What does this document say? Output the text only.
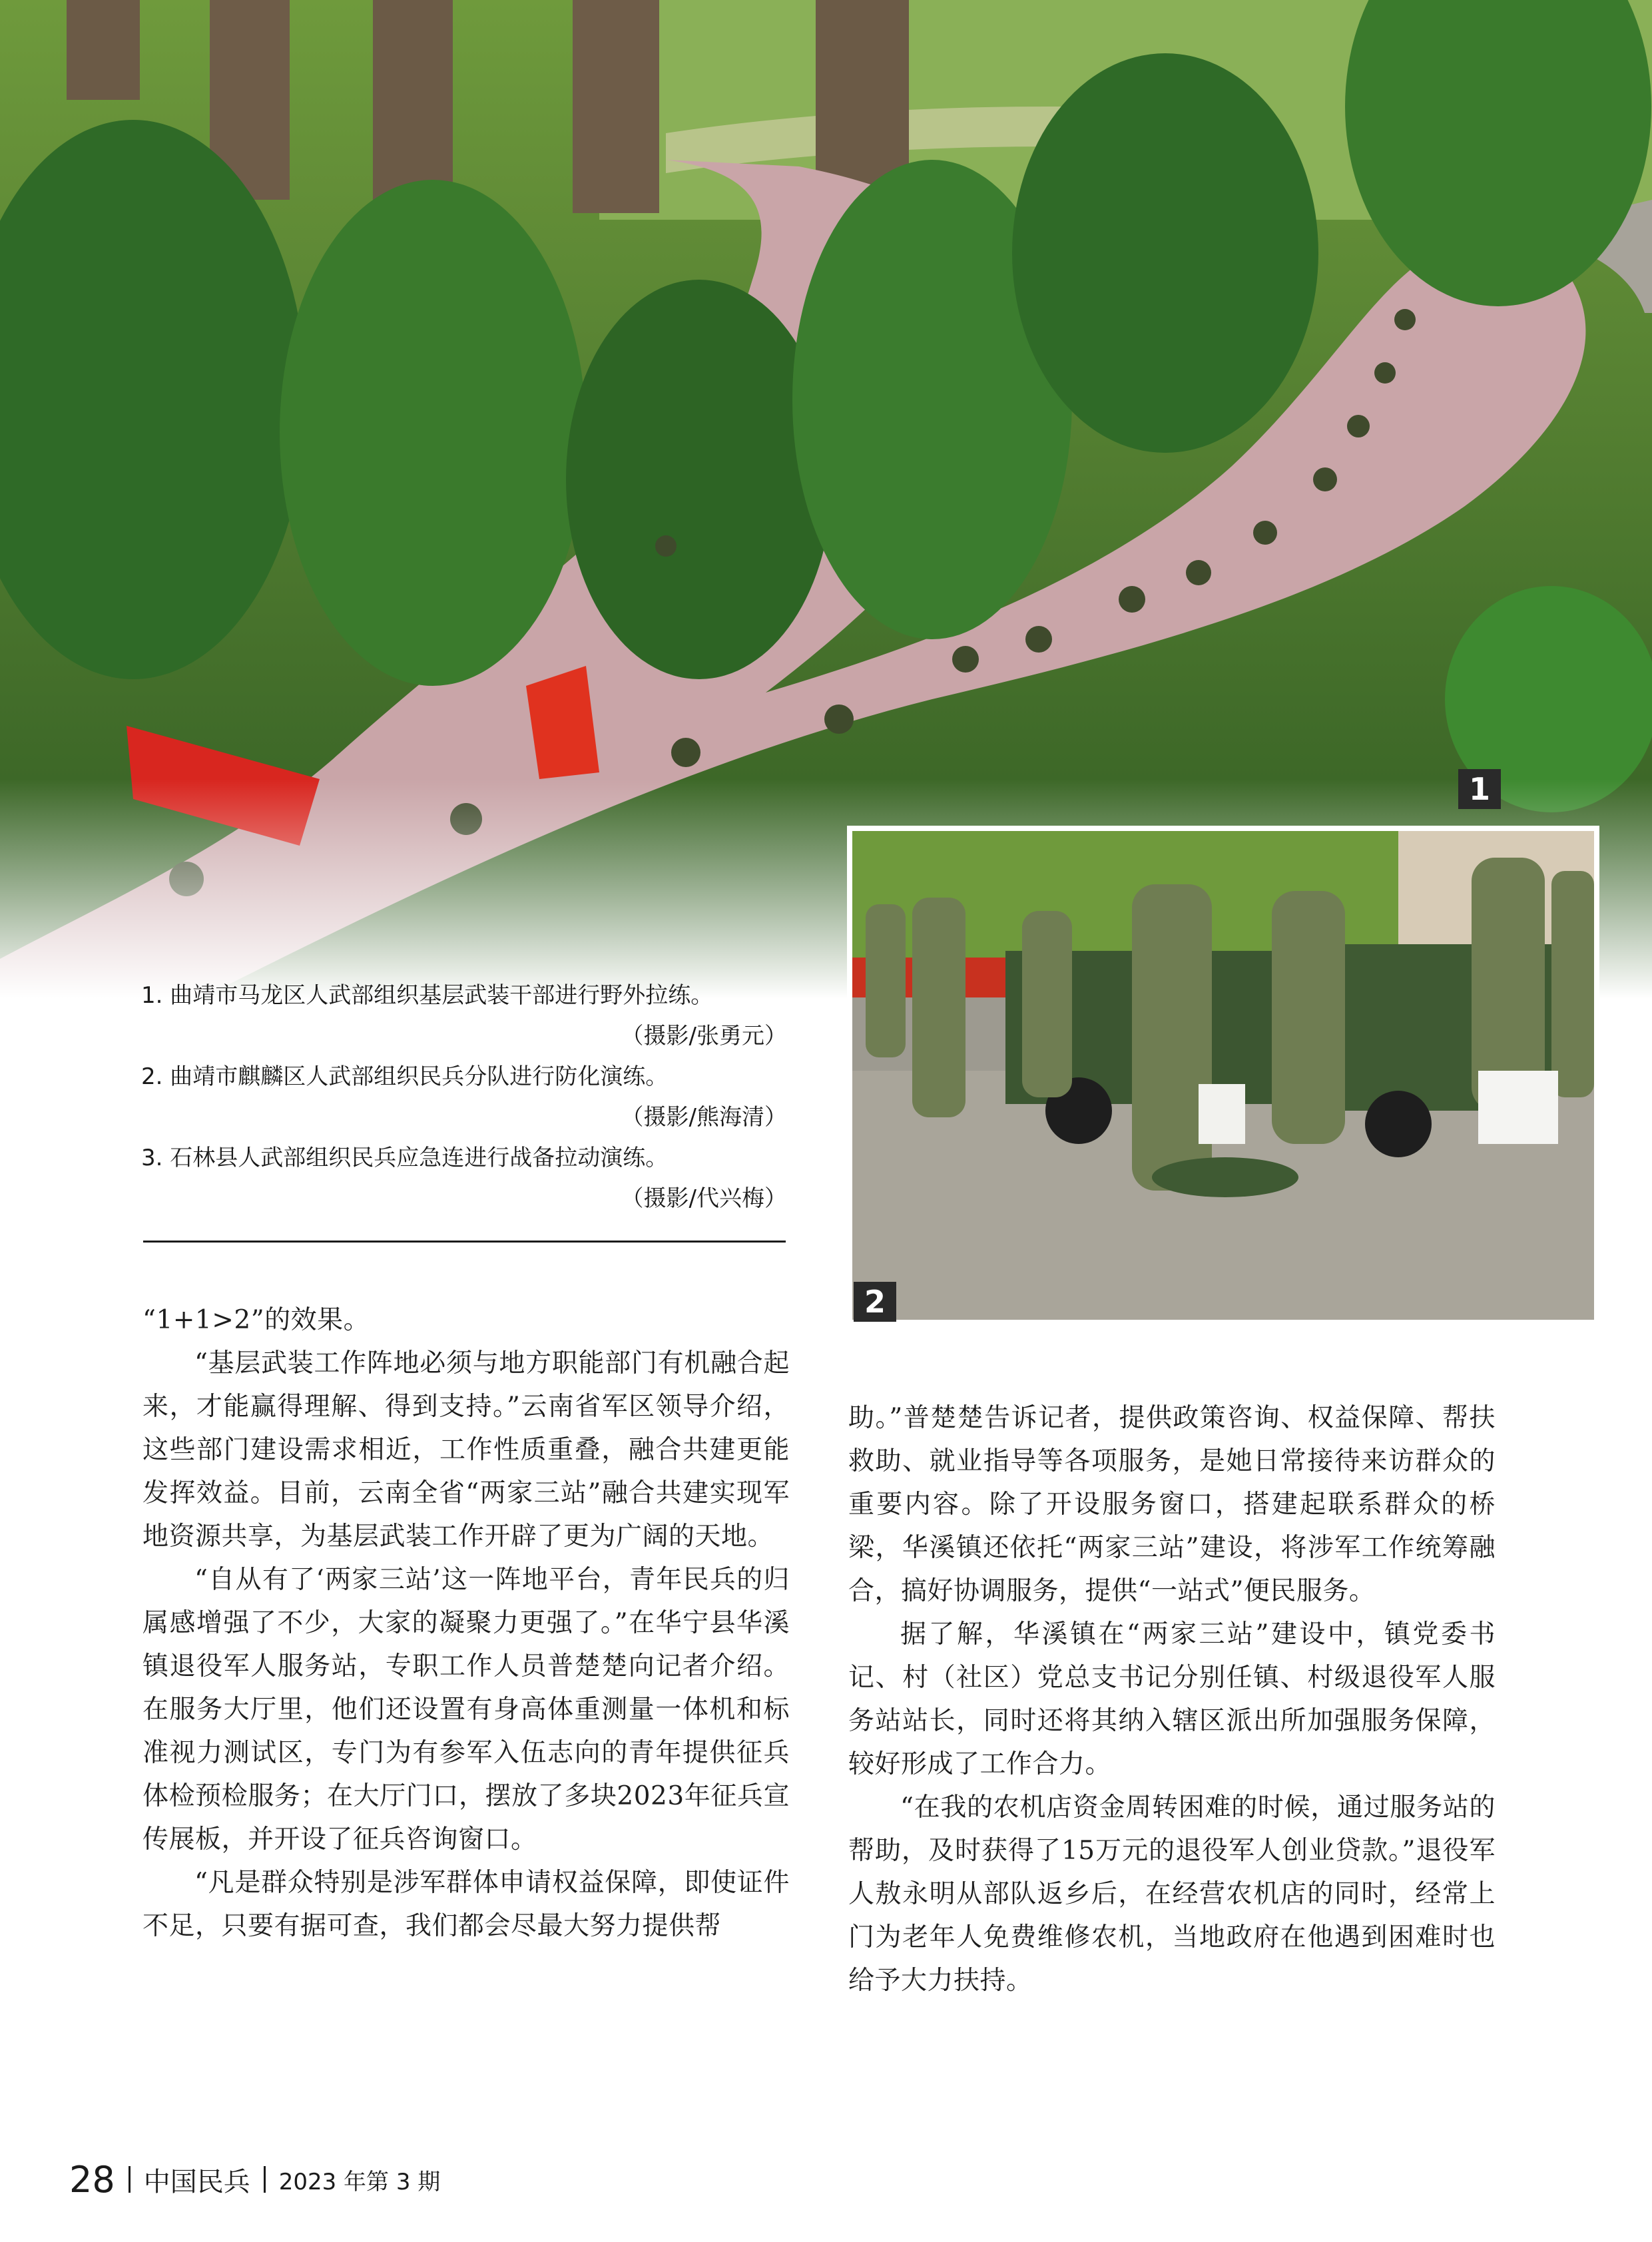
1
2
1. 曲靖市马龙区人武部组织基层武装干部进行野外拉练。
（摄影/张勇元）
2. 曲靖市麒麟区人武部组织民兵分队进行防化演练。
（摄影/熊海清）
3. 石林县人武部组织民兵应急连进行战备拉动演练。
（摄影/代兴梅）

“1+1>2”的效果。

“基层武装工作阵地必须与地方职能部门有机融合起来，才能赢得理解、得到支持。”云南省军区领导介绍，这些部门建设需求相近，工作性质重叠，融合共建更能发挥效益。目前，云南全省“两家三站”融合共建实现军地资源共享，为基层武装工作开辟了更为广阔的天地。

“自从有了‘两家三站’这一阵地平台，青年民兵的归属感增强了不少，大家的凝聚力更强了。”在华宁县华溪镇退役军人服务站，专职工作人员普楚楚向记者介绍。在服务大厅里，他们还设置有身高体重测量一体机和标准视力测试区，专门为有参军入伍志向的青年提供征兵体检预检服务；在大厅门口，摆放了多块2023年征兵宣传展板，并开设了征兵咨询窗口。

“凡是群众特别是涉军群体申请权益保障，即使证件不足，只要有据可查，我们都会尽最大努力提供帮

助。”普楚楚告诉记者，提供政策咨询、权益保障、帮扶救助、就业指导等各项服务，是她日常接待来访群众的重要内容。除了开设服务窗口，搭建起联系群众的桥梁，华溪镇还依托“两家三站”建设，将涉军工作统筹融合，搞好协调服务，提供“一站式”便民服务。

据了解，华溪镇在“两家三站”建设中，镇党委书记、村（社区）党总支书记分别任镇、村级退役军人服务站站长，同时还将其纳入辖区派出所加强服务保障，较好形成了工作合力。

“在我的农机店资金周转困难的时候，通过服务站的帮助，及时获得了15万元的退役军人创业贷款。”退役军人敖永明从部队返乡后，在经营农机店的同时，经常上门为老年人免费维修农机，当地政府在他遇到困难时也给予大力扶持。

28 中国民兵 2023 年第 3 期
